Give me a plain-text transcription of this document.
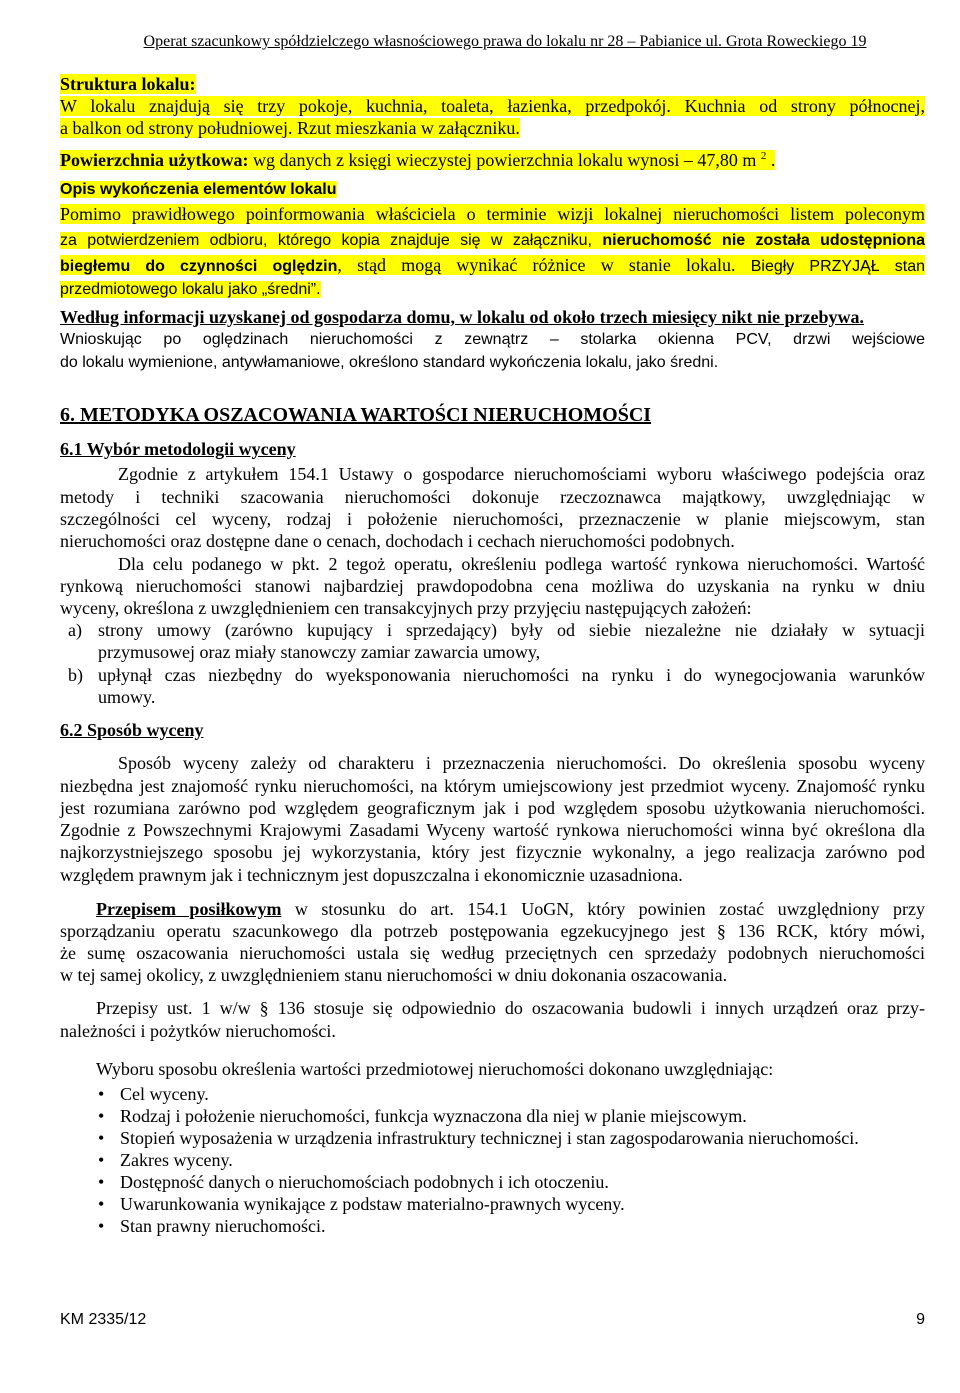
Operat szacunkowy spółdzielczego własnościowego prawa do lokalu nr 28 – Pabianice ul. Grota Roweckiego 19
Struktura lokalu:
W lokalu znajdują się trzy pokoje, kuchnia, toaleta, łazienka, przedpokój. Kuchnia od strony północnej,
a balkon od strony południowej. Rzut mieszkania w załączniku.
Powierzchnia użytkowa: wg danych z księgi wieczystej powierzchnia lokalu wynosi – 47,80 m $^2$ .
Opis wykończenia elementów lokalu
Pomimo prawidłowego poinformowania właściciela o terminie wizji lokalnej nieruchomości listem poleconym
za potwierdzeniem odbioru, którego kopia znajduje się w załączniku, nieruchomość nie została udostępniona
biegłemu do czynności oględzin, stąd mogą wynikać różnice w stanie lokalu. Biegły PRZYJĄŁ stan
przedmiotowego lokalu jako „średni”.
Według informacji uzyskanej od gospodarza domu, w lokalu od około trzech miesięcy nikt nie przebywa.
Wnioskując po oględzinach nieruchomości z zewnątrz – stolarka okienna PCV, drzwi wejściowe
do lokalu wymienione, antywłamaniowe, określono standard wykończenia lokalu, jako średni.
6. METODYKA OSZACOWANIA WARTOŚCI NIERUCHOMOŚCI
6.1 Wybór metodologii wyceny
Zgodnie z artykułem 154.1 Ustawy o gospodarce nieruchomościami wyboru właściwego podejścia oraz
metody i techniki szacowania nieruchomości dokonuje rzeczoznawca majątkowy, uwzględniając w
szczególności cel wyceny, rodzaj i położenie nieruchomości, przeznaczenie w planie miejscowym, stan
nieruchomości oraz dostępne dane o cenach, dochodach i cechach nieruchomości podobnych.
Dla celu podanego w pkt. 2 tegoż operatu, określeniu podlega wartość rynkowa nieruchomości. Wartość
rynkową nieruchomości stanowi najbardziej prawdopodobna cena możliwa do uzyskania na rynku w dniu
wyceny, określona z uwzględnieniem cen transakcyjnych przy przyjęciu następujących założeń:
a) strony umowy (zarówno kupujący i sprzedający) były od siebie niezależne nie działały w sytuacji
przymusowej oraz miały stanowczy zamiar zawarcia umowy,
b) upłynął czas niezbędny do wyeksponowania nieruchomości na rynku i do wynegocjowania warunków
umowy.
6.2 Sposób wyceny
Sposób wyceny zależy od charakteru i przeznaczenia nieruchomości. Do określenia sposobu wyceny
niezbędna jest znajomość rynku nieruchomości, na którym umiejscowiony jest przedmiot wyceny. Znajomość rynku
jest rozumiana zarówno pod względem geograficznym jak i pod względem sposobu użytkowania nieruchomości.
Zgodnie z Powszechnymi Krajowymi Zasadami Wyceny wartość rynkowa nieruchomości winna być określona dla
najkorzystniejszego sposobu jej wykorzystania, który jest fizycznie wykonalny, a jego realizacja zarówno pod
względem prawnym jak i technicznym jest dopuszczalna i ekonomicznie uzasadniona.
Przepisem posiłkowym w stosunku do art. 154.1 UoGN, który powinien zostać uwzględniony przy
sporządzaniu operatu szacunkowego dla potrzeb postępowania egzekucyjnego jest § 136 RCK, który mówi,
że sumę oszacowania nieruchomości ustala się według przeciętnych cen sprzedaży podobnych nieruchomości
w tej samej okolicy, z uwzględnieniem stanu nieruchomości w dniu dokonania oszacowania.
Przepisy ust. 1 w/w § 136 stosuje się odpowiednio do oszacowania budowli i innych urządzeń oraz przy-
należności i pożytków nieruchomości.
Wyboru sposobu określenia wartości przedmiotowej nieruchomości dokonano uwzględniając:
•
Cel wyceny.
•
Rodzaj i położenie nieruchomości, funkcja wyznaczona dla niej w planie miejscowym.
•
Stopień wyposażenia w urządzenia infrastruktury technicznej i stan zagospodarowania nieruchomości.
•
Zakres wyceny.
•
Dostępność danych o nieruchomościach podobnych i ich otoczeniu.
•
Uwarunkowania wynikające z podstaw materialno-prawnych wyceny.
•
Stan prawny nieruchomości.
KM 2335/12	9
